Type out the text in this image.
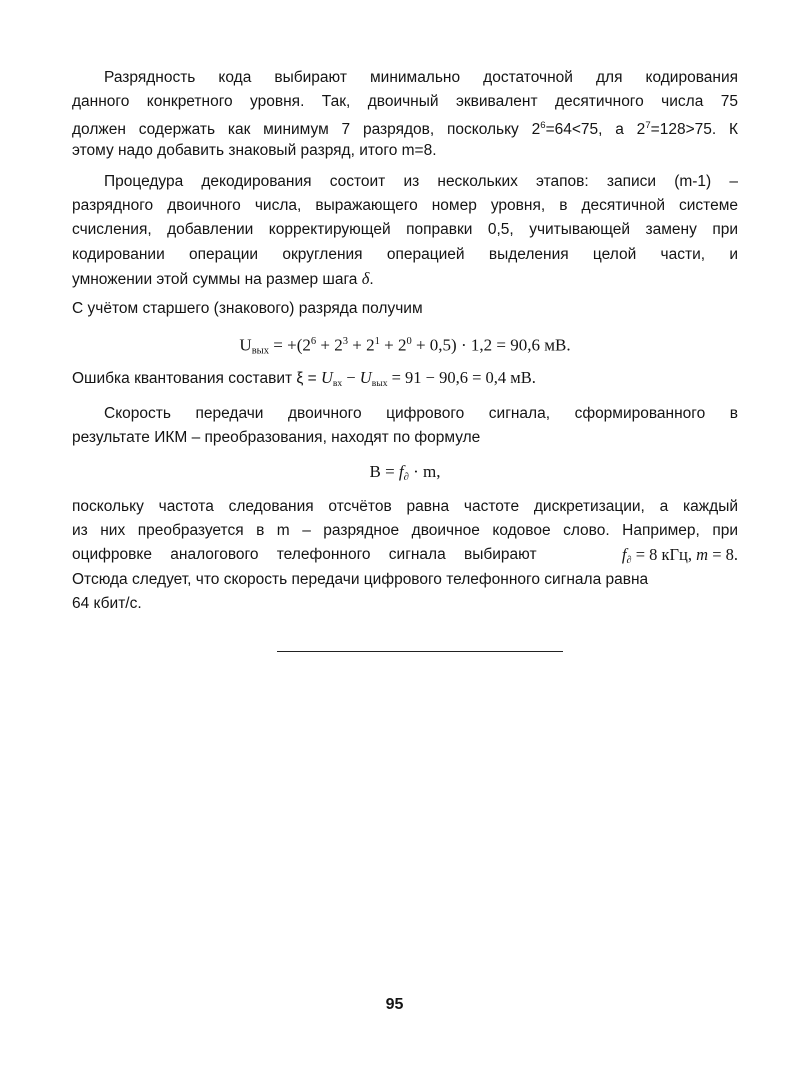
Разрядность кода выбирают минимально достаточной для кодирования
данного конкретного уровня. Так, двоичный эквивалент десятичного числа 75
должен содержать как минимум 7 разрядов, поскольку $2^6=64<75$, а $2^7=128>75$. К
этому надо добавить знаковый разряд, итого m=8.
Процедура декодирования состоит из нескольких этапов: записи (m-1) –
разрядного двоичного числа, выражающего номер уровня, в десятичной системе
счисления, добавлении корректирующей поправки 0,5, учитывающей замену при
кодировании операции округления операцией выделения целой части, и
умножении этой суммы на размер шага δ.
С учётом старшего (знакового) разряда получим
$U_{вых} = +(2^6 + 2^3 + 2^1 + 2^0 + 0,5) \cdot 1,2 = 90,6$ мВ.
Ошибка квантования составит $\xi = U_{вх} - U_{вых} = 91 - 90,6 = 0,4$ мВ.
Скорость передачи двоичного цифрового сигнала, сформированного в
результате ИКМ – преобразования, находят по формуле
$B = f_\partial \cdot m$,
поскольку частота следования отсчётов равна частоте дискретизации, а каждый
из них преобразуется в m – разрядное двоичное кодовое слово. Например, при
оцифровке аналогового телефонного сигнала выбирают	$f_\partial = 8$ кГц, m = 8.
Отсюда следует, что скорость передачи цифрового телефонного сигнала равна
64 кбит/с.
95
